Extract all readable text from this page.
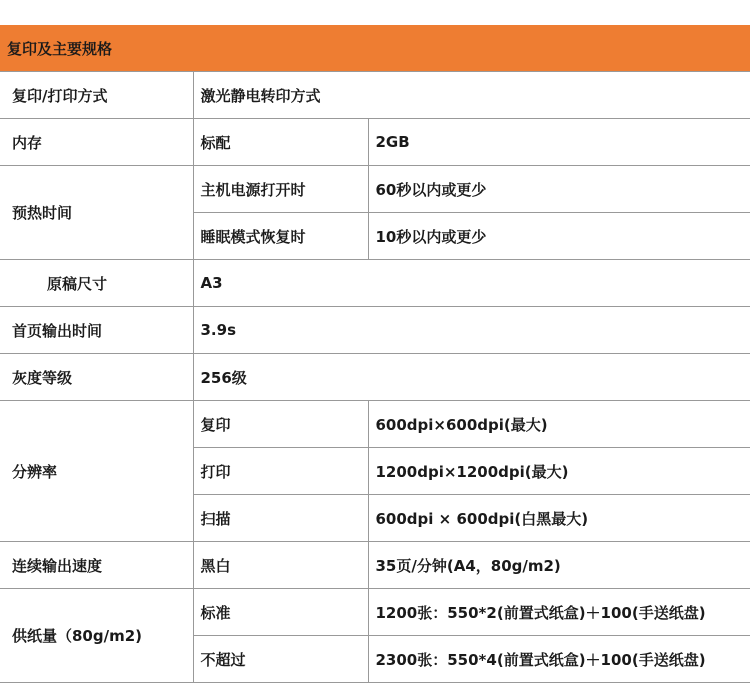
复印及主要规格		
复印/打印方式	激光静电转印方式	
内存	标配	2GB
预热时间	主机电源打开时	60秒以内或更少
	睡眠模式恢复时	10秒以内或更少
原稿尺寸	A3	
首页输出时间	3.9s	
灰度等级	256级	
分辨率	复印	600dpi×600dpi(最大)
	打印	1200dpi×1200dpi(最大)
	扫描	600dpi × 600dpi(白黑最大)
连续输出速度	黑白	35页/分钟(A4，80g/m2)
供纸量（80g/m2)	标准	1200张：550*2(前置式纸盒)＋100(手送纸盘)
	不超过	2300张：550*4(前置式纸盒)＋100(手送纸盘)
